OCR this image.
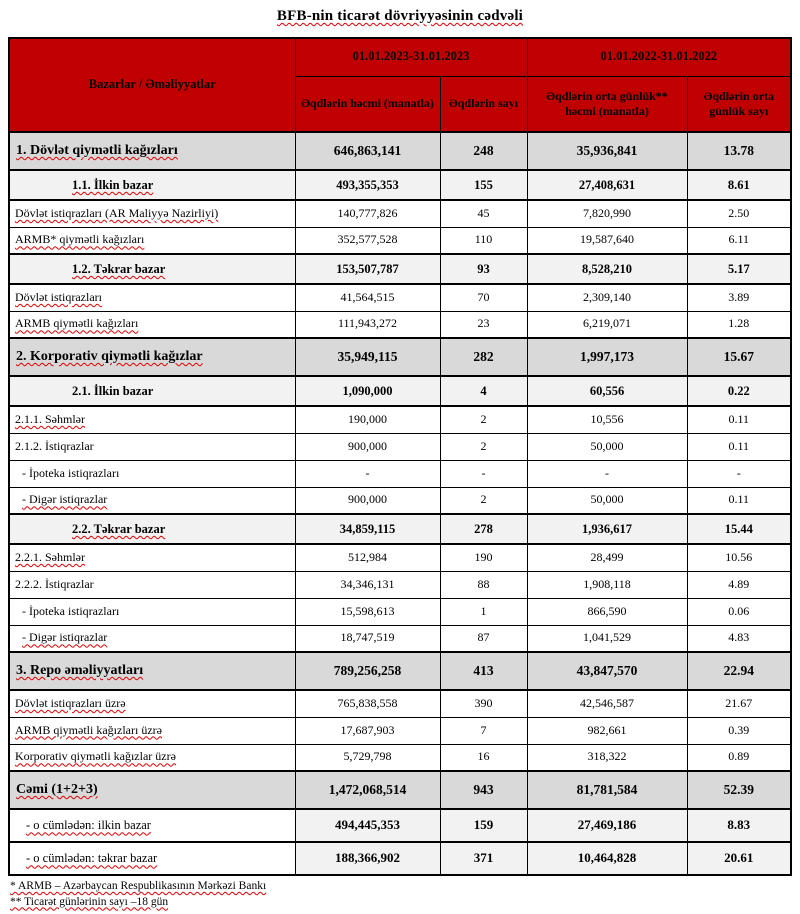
BFB-nin ticarət dövriyyəsinin cədvəli
Bazarlar / Əməliyyatlar	01.01.2023-31.01.2023		01.01.2022-31.01.2022	
	Əqdlərin həcmi (manatla)	Əqdlərin sayı	Əqdlərin orta günlük** həcmi (manatla)	Əqdlərin orta günlük sayı
1. Dövlət qiymətli kağızları	646,863,141	248	35,936,841	13.78
1.1. İlkin bazar	493,355,353	155	27,408,631	8.61
Dövlət istiqrazları (AR Maliyyə Nazirliyi)	140,777,826	45	7,820,990	2.50
ARMB* qiymətli kağızları	352,577,528	110	19,587,640	6.11
1.2. Təkrar bazar	153,507,787	93	8,528,210	5.17
Dövlət istiqrazları	41,564,515	70	2,309,140	3.89
ARMB qiymətli kağızları	111,943,272	23	6,219,071	1.28
2. Korporativ qiymətli kağızlar	35,949,115	282	1,997,173	15.67
2.1. İlkin bazar	1,090,000	4	60,556	0.22
2.1.1. Səhmlər	190,000	2	10,556	0.11
2.1.2. İstiqrazlar	900,000	2	50,000	0.11
- İpoteka istiqrazları	-	-	-	-
- Digər istiqrazlar	900,000	2	50,000	0.11
2.2. Təkrar bazar	34,859,115	278	1,936,617	15.44
2.2.1. Səhmlər	512,984	190	28,499	10.56
2.2.2. İstiqrazlar	34,346,131	88	1,908,118	4.89
- İpoteka istiqrazları	15,598,613	1	866,590	0.06
- Digər istiqrazlar	18,747,519	87	1,041,529	4.83
3. Repo əməliyyatları	789,256,258	413	43,847,570	22.94
Dövlət istiqrazları üzrə	765,838,558	390	42,546,587	21.67
ARMB qiymətli kağızları üzrə	17,687,903	7	982,661	0.39
Korporativ qiymətli kağızlar üzrə	5,729,798	16	318,322	0.89
Cəmi (1+2+3)	1,472,068,514	943	81,781,584	52.39
- o cümlədən: ilkin bazar	494,445,353	159	27,469,186	8.83
- o cümlədən: təkrar bazar	188,366,902	371	10,464,828	20.61
* ARMB – Azərbaycan Respublikasının Mərkəzi Bankı
** Ticarət günlərinin sayı –18 gün
